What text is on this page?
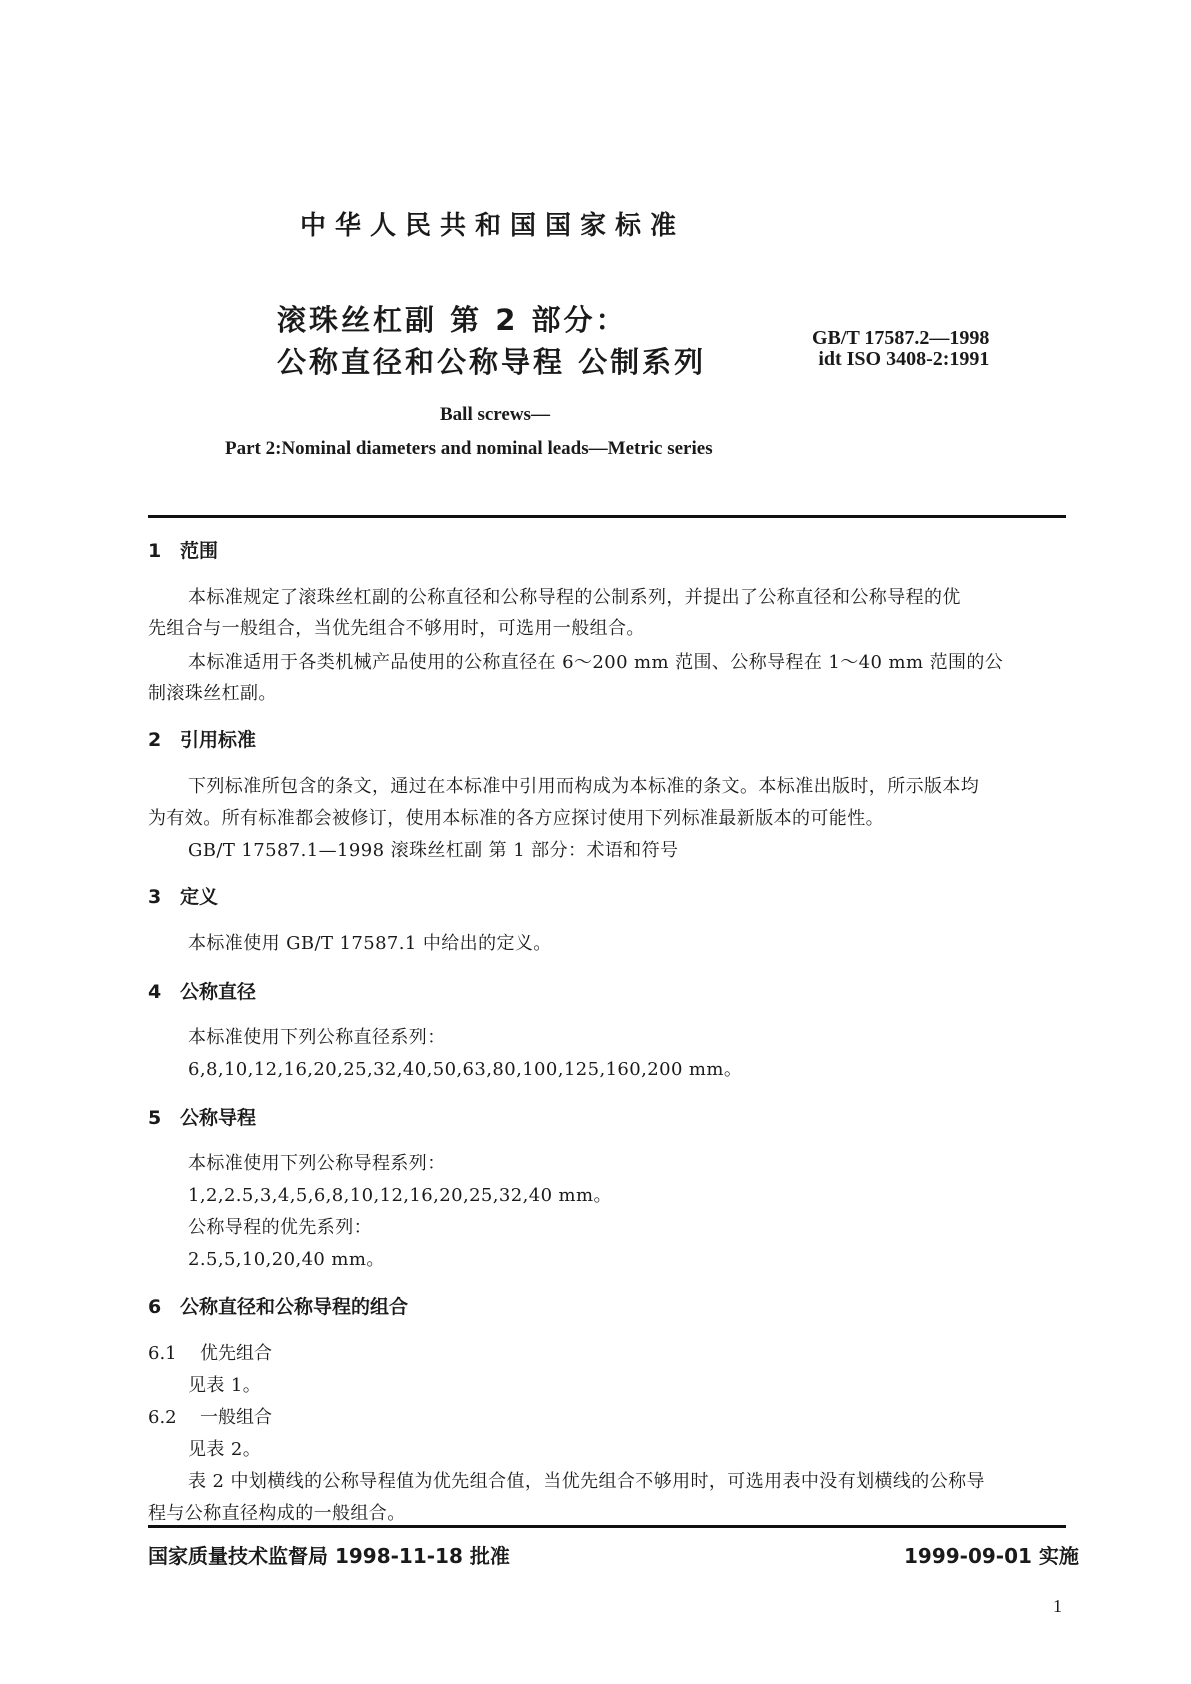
中华人民共和国国家标准
滚珠丝杠副 第 2 部分：
公称直径和公称导程 公制系列
GB/T 17587.2—1998
idt ISO 3408-2:1991
Ball screws—
Part 2:Nominal diameters and nominal leads—Metric series
1 范围
本标准规定了滚珠丝杠副的公称直径和公称导程的公制系列，并提出了公称直径和公称导程的优
先组合与一般组合，当优先组合不够用时，可选用一般组合。
本标准适用于各类机械产品使用的公称直径在 6～200 mm 范围、公称导程在 1～40 mm 范围的公
制滚珠丝杠副。
2 引用标准
下列标准所包含的条文，通过在本标准中引用而构成为本标准的条文。本标准出版时，所示版本均
为有效。所有标准都会被修订，使用本标准的各方应探讨使用下列标准最新版本的可能性。
GB/T 17587.1—1998 滚珠丝杠副 第 1 部分：术语和符号
3 定义
本标准使用 GB/T 17587.1 中给出的定义。
4 公称直径
本标准使用下列公称直径系列：
6,8,10,12,16,20,25,32,40,50,63,80,100,125,160,200 mm。
5 公称导程
本标准使用下列公称导程系列：
1,2,2.5,3,4,5,6,8,10,12,16,20,25,32,40 mm。
公称导程的优先系列：
2.5,5,10,20,40 mm。
6 公称直径和公称导程的组合
6.1 优先组合
见表 1。
6.2 一般组合
见表 2。
表 2 中划横线的公称导程值为优先组合值，当优先组合不够用时，可选用表中没有划横线的公称导
程与公称直径构成的一般组合。
国家质量技术监督局 1998-11-18 批准	1999-09-01 实施
1
